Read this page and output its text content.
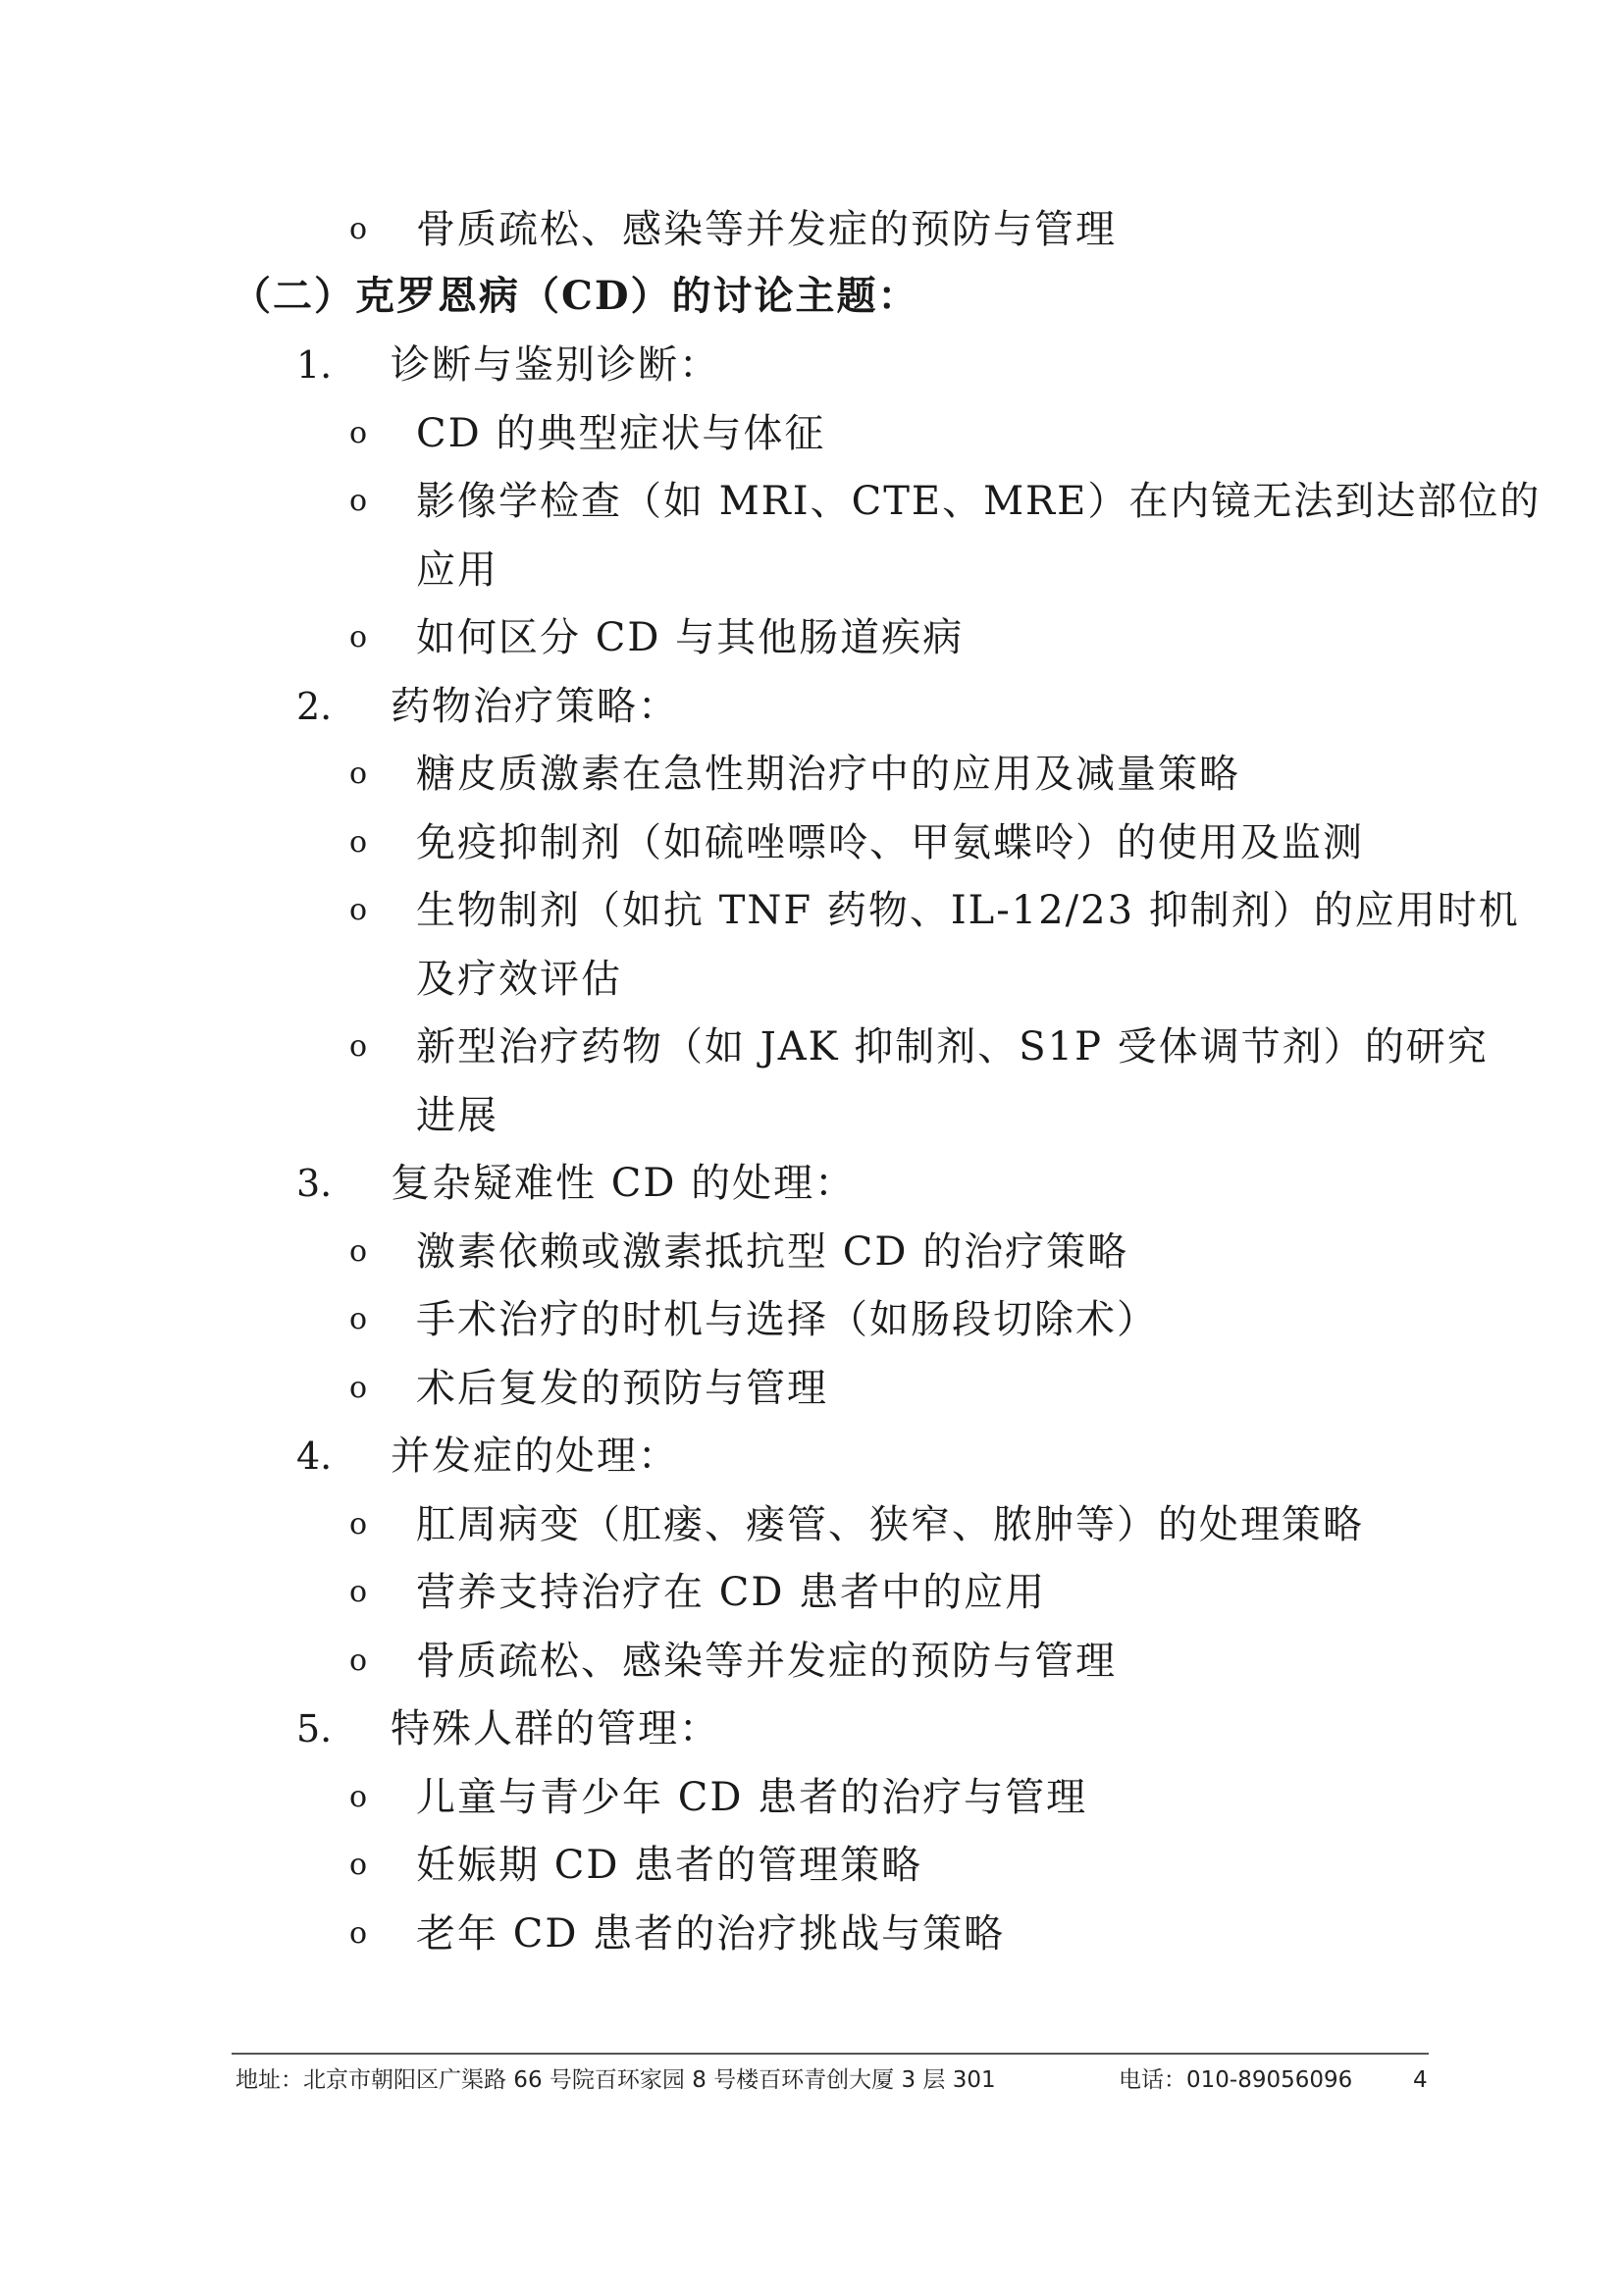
o 骨质疏松、感染等并发症的预防与管理
（二）克罗恩病（CD）的讨论主题：
1. 诊断与鉴别诊断：
o CD 的典型症状与体征
o 影像学检查（如 MRI、CTE、MRE）在内镜无法到达部位的
应用
o 如何区分 CD 与其他肠道疾病
2. 药物治疗策略：
o 糖皮质激素在急性期治疗中的应用及减量策略
o 免疫抑制剂（如硫唑嘌呤、甲氨蝶呤）的使用及监测
o 生物制剂（如抗 TNF 药物、IL-12/23 抑制剂）的应用时机
及疗效评估
o 新型治疗药物（如 JAK 抑制剂、S1P 受体调节剂）的研究
进展
3. 复杂疑难性 CD 的处理：
o 激素依赖或激素抵抗型 CD 的治疗策略
o 手术治疗的时机与选择（如肠段切除术）
o 术后复发的预防与管理
4. 并发症的处理：
o 肛周病变（肛瘘、瘘管、狭窄、脓肿等）的处理策略
o 营养支持治疗在 CD 患者中的应用
o 骨质疏松、感染等并发症的预防与管理
5. 特殊人群的管理：
o 儿童与青少年 CD 患者的治疗与管理
o 妊娠期 CD 患者的管理策略
o 老年 CD 患者的治疗挑战与策略
地址：北京市朝阳区广渠路 66 号院百环家园 8 号楼百环青创大厦 3 层 301	电话：010-89056096	4
